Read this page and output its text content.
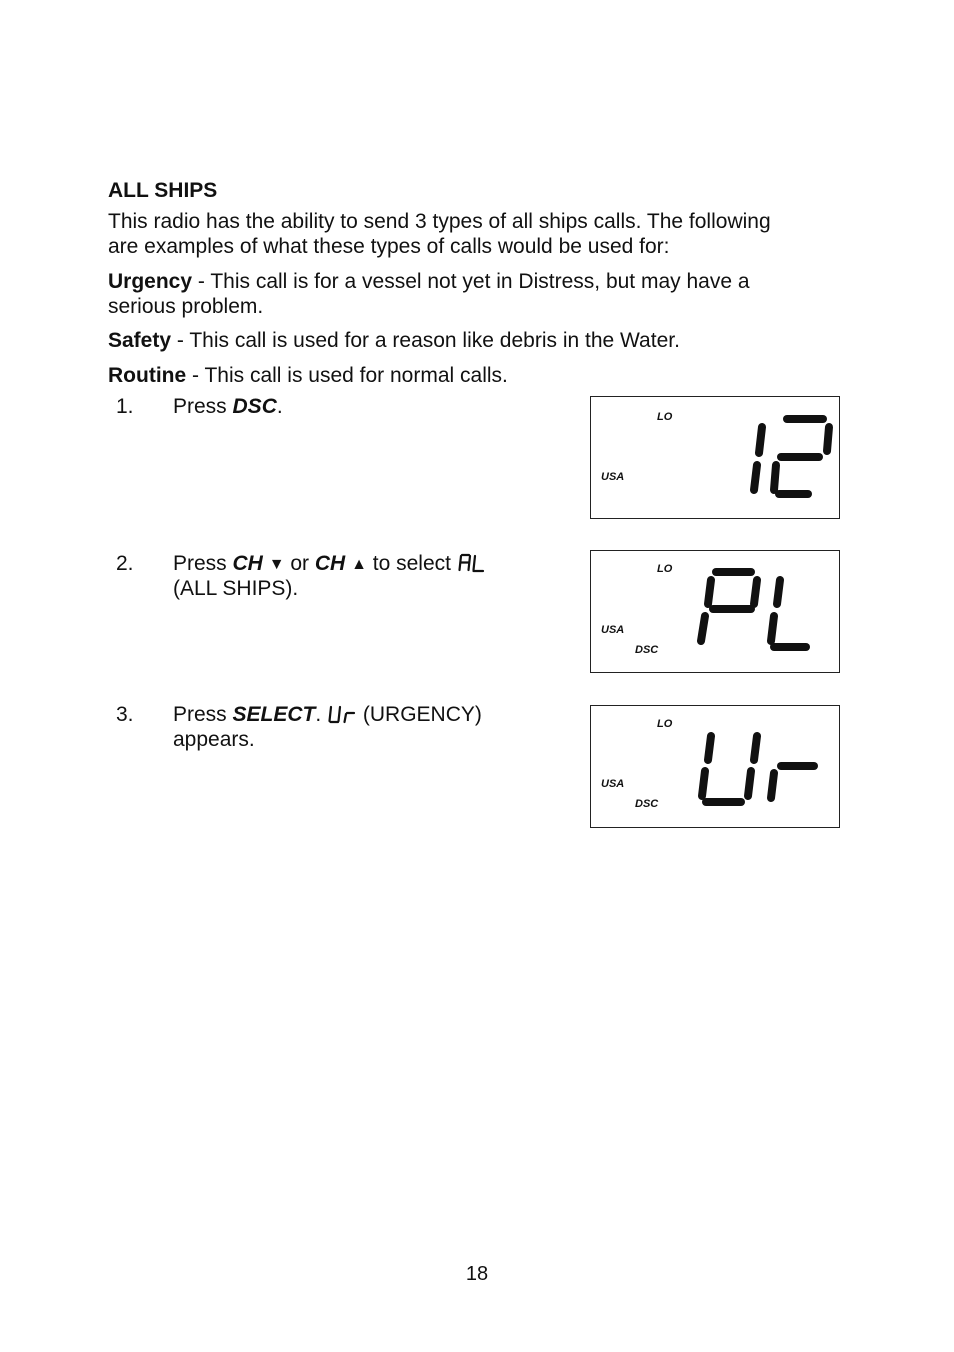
ALL SHIPS
This radio has the ability to send 3 types of all ships calls. The following
are examples of what these types of calls would be used for:
Urgency - This call is for a vessel not yet in Distress, but may have a
serious problem.
Safety - This call is used for a reason like debris in the Water.
Routine - This call is used for normal calls.
1. Press DSC.
2. Press CH ▼ or CH ▲ to select
(ALL SHIPS).
3. Press SELECT. (URGENCY)
appears.
LO
USA
LO
USA
DSC
LO
USA
DSC
18
